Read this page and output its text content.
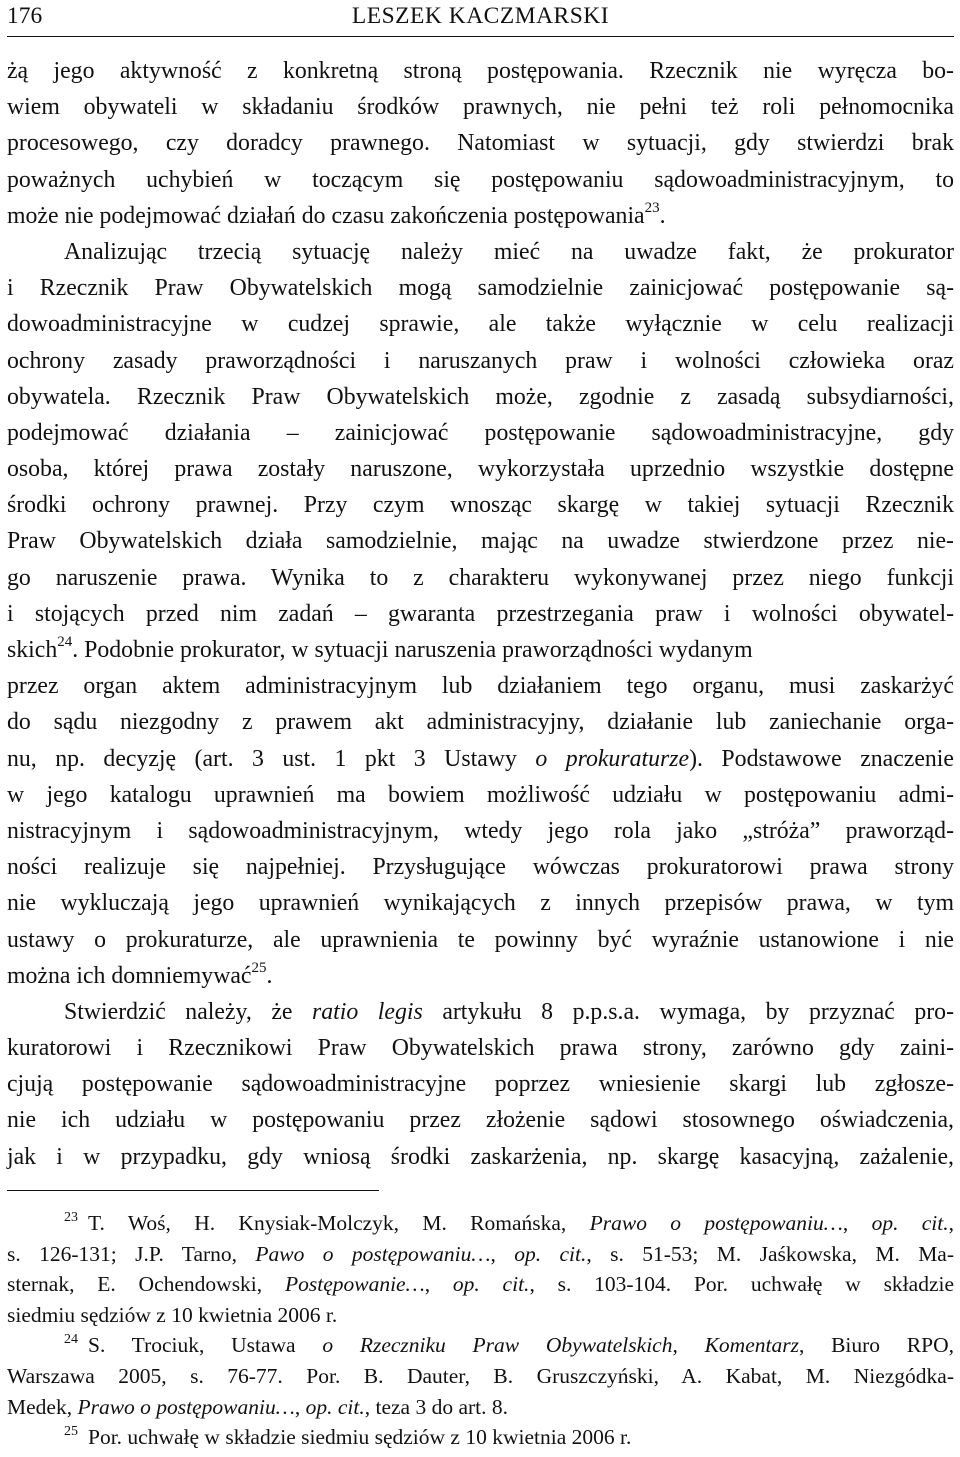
176	LESZEK KACZMARSKI
żą jego aktywność z konkretną stroną postępowania. Rzecznik nie wyręcza bo-
wiem obywateli w składaniu środków prawnych, nie pełni też roli pełnomocnika
procesowego, czy doradcy prawnego. Natomiast w sytuacji, gdy stwierdzi brak
poważnych uchybień w toczącym się postępowaniu sądowoadministracyjnym, to
może nie podejmować działań do czasu zakończenia postępowania$^{23}$.
Analizując trzecią sytuację należy mieć na uwadze fakt, że prokurator
i Rzecznik Praw Obywatelskich mogą samodzielnie zainicjować postępowanie są-
dowoadministracyjne w cudzej sprawie, ale także wyłącznie w celu realizacji
ochrony zasady praworządności i naruszanych praw i wolności człowieka oraz
obywatela. Rzecznik Praw Obywatelskich może, zgodnie z zasadą subsydiarności,
podejmować działania – zainicjować postępowanie sądowoadministracyjne, gdy
osoba, której prawa zostały naruszone, wykorzystała uprzednio wszystkie dostępne
środki ochrony prawnej. Przy czym wnosząc skargę w takiej sytuacji Rzecznik
Praw Obywatelskich działa samodzielnie, mając na uwadze stwierdzone przez nie-
go naruszenie prawa. Wynika to z charakteru wykonywanej przez niego funkcji
i stojących przed nim zadań – gwaranta przestrzegania praw i wolności obywatel-
skich$^{24}$. Podobnie prokurator, w sytuacji naruszenia praworządności wydanym
przez organ aktem administracyjnym lub działaniem tego organu, musi zaskarżyć
do sądu niezgodny z prawem akt administracyjny, działanie lub zaniechanie orga-
nu, np. decyzję (art. 3 ust. 1 pkt 3 Ustawy o prokuraturze). Podstawowe znaczenie
w jego katalogu uprawnień ma bowiem możliwość udziału w postępowaniu admi-
nistracyjnym i sądowoadministracyjnym, wtedy jego rola jako „stróża” praworząd-
ności realizuje się najpełniej. Przysługujące wówczas prokuratorowi prawa strony
nie wykluczają jego uprawnień wynikających z innych przepisów prawa, w tym
ustawy o prokuraturze, ale uprawnienia te powinny być wyraźnie ustanowione i nie
można ich domniemywać$^{25}$.
Stwierdzić należy, że ratio legis artykułu 8 p.p.s.a. wymaga, by przyznać pro-
kuratorowi i Rzecznikowi Praw Obywatelskich prawa strony, zarówno gdy zaini-
cjują postępowanie sądowoadministracyjne poprzez wniesienie skargi lub zgłosze-
nie ich udziału w postępowaniu przez złożenie sądowi stosownego oświadczenia,
jak i w przypadku, gdy wniosą środki zaskarżenia, np. skargę kasacyjną, zażalenie,
$^{23}$ T. Woś, H. Knysiak-Molczyk, M. Romańska, Prawo o postępowaniu…, op. cit.,
s. 126-131; J.P. Tarno, Pawo o postępowaniu…, op. cit., s. 51-53; M. Jaśkowska, M. Ma-
sternak, E. Ochendowski, Postępowanie…, op. cit., s. 103-104. Por. uchwałę w składzie
siedmiu sędziów z 10 kwietnia 2006 r.
$^{24}$ S. Trociuk, Ustawa o Rzeczniku Praw Obywatelskich, Komentarz, Biuro RPO,
Warszawa 2005, s. 76-77. Por. B. Dauter, B. Gruszczyński, A. Kabat, M. Niezgódka-
Medek, Prawo o postępowaniu…, op. cit., teza 3 do art. 8.
$^{25}$ Por. uchwałę w składzie siedmiu sędziów z 10 kwietnia 2006 r.
